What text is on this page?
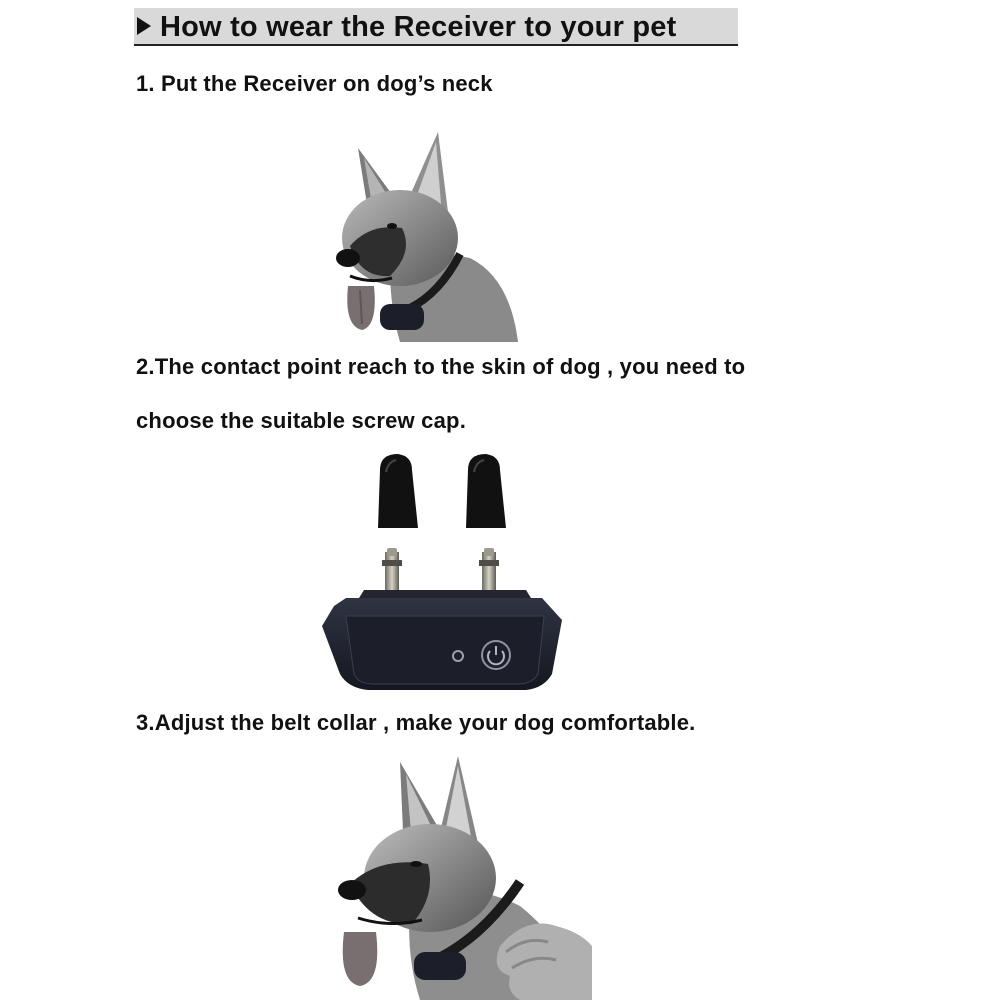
How to wear the Receiver to your pet
1. Put the Receiver on dog’s neck
2.The contact point reach to the skin of dog , you need to
choose the suitable screw cap.
3.Adjust the belt collar , make your dog comfortable.
